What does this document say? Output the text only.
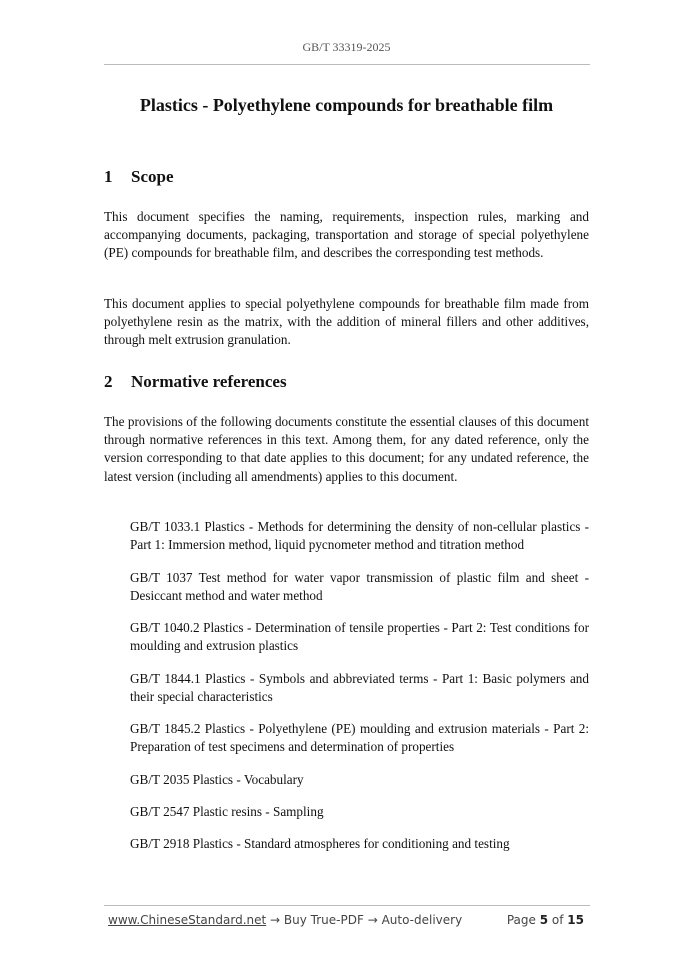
GB/T 33319-2025
Plastics - Polyethylene compounds for breathable film
1 Scope

This document specifies the naming, requirements, inspection rules, marking and accompanying documents, packaging, transportation and storage of special polyethylene (PE) compounds for breathable film, and describes the corresponding test methods.

This document applies to special polyethylene compounds for breathable film made from polyethylene resin as the matrix, with the addition of mineral fillers and other additives, through melt extrusion granulation.

2 Normative references

The provisions of the following documents constitute the essential clauses of this document through normative references in this text. Among them, for any dated reference, only the version corresponding to that date applies to this document; for any undated reference, the latest version (including all amendments) applies to this document.

GB/T 1033.1 Plastics - Methods for determining the density of non-cellular plastics - Part 1: Immersion method, liquid pycnometer method and titration method
GB/T 1037 Test method for water vapor transmission of plastic film and sheet - Desiccant method and water method
GB/T 1040.2 Plastics - Determination of tensile properties - Part 2: Test conditions for moulding and extrusion plastics
GB/T 1844.1 Plastics - Symbols and abbreviated terms - Part 1: Basic polymers and their special characteristics
GB/T 1845.2 Plastics - Polyethylene (PE) moulding and extrusion materials - Part 2: Preparation of test specimens and determination of properties
GB/T 2035 Plastics - Vocabulary
GB/T 2547 Plastic resins - Sampling
GB/T 2918 Plastics - Standard atmospheres for conditioning and testing
www.ChineseStandard.net → Buy True-PDF → Auto-delivery	Page 5 of 15
